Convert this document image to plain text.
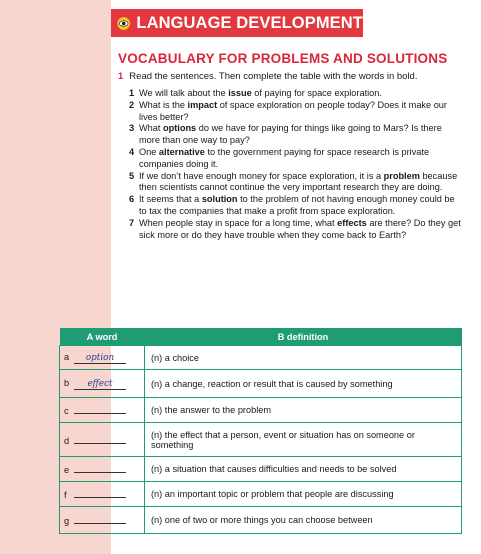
LANGUAGE DEVELOPMENT
VOCABULARY FOR PROBLEMS AND SOLUTIONS
1 Read the sentences. Then complete the table with the words in bold.
1 We will talk about the issue of paying for space exploration.
2 What is the impact of space exploration on people today? Does it make our lives better?
3 What options do we have for paying for things like going to Mars? Is there more than one way to pay?
4 One alternative to the government paying for space research is private companies doing it.
5 If we don’t have enough money for space exploration, it is a problem because then scientists cannot continue the very important research they are doing.
6 It seems that a solution to the problem of not having enough money could be to tax the companies that make a profit from space exploration.
7 When people stay in space for a long time, what effects are there? Do they get sick more or do they have trouble when they come back to Earth?
A word	B definition
a option	(n) a choice
b effect	(n) a change, reaction or result that is caused by something
c	(n) the answer to the problem
d	(n) the effect that a person, event or situation has on someone or something
e	(n) a situation that causes difficulties and needs to be solved
f	(n) an important topic or problem that people are discussing
g	(n) one of two or more things you can choose between
